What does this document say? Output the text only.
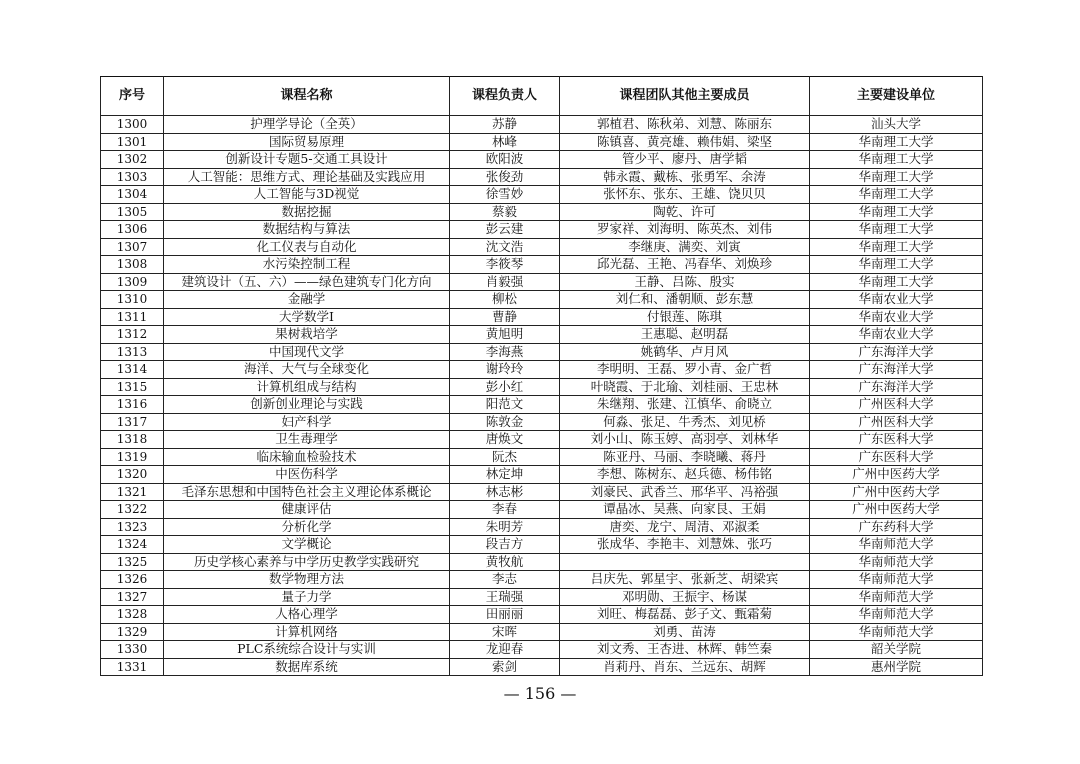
序号	课程名称	课程负责人	课程团队其他主要成员	主要建设单位
1300	护理学导论（全英）	苏静	郭植君、陈秋弟、刘慧、陈丽东	汕头大学
1301	国际贸易原理	林峰	陈镇喜、黄亮雄、赖伟娟、梁坚	华南理工大学
1302	创新设计专题5-交通工具设计	欧阳波	管少平、廖丹、唐学韬	华南理工大学
1303	人工智能：思维方式、理论基础及实践应用	张俊劲	韩永霞、戴栋、张勇军、余涛	华南理工大学
1304	人工智能与3D视觉	徐雪妙	张怀东、张东、王雄、饶贝贝	华南理工大学
1305	数据挖掘	蔡毅	陶乾、许可	华南理工大学
1306	数据结构与算法	彭云建	罗家祥、刘海明、陈英杰、刘伟	华南理工大学
1307	化工仪表与自动化	沈文浩	李继庚、满奕、刘寅	华南理工大学
1308	水污染控制工程	李筱琴	邱光磊、王艳、冯春华、刘焕珍	华南理工大学
1309	建筑设计（五、六）——绿色建筑专门化方向	肖毅强	王静、吕陈、殷实	华南理工大学
1310	金融学	柳松	刘仁和、潘朝顺、彭东慧	华南农业大学
1311	大学数学I	曹静	付银莲、陈琪	华南农业大学
1312	果树栽培学	黄旭明	王惠聪、赵明磊	华南农业大学
1313	中国现代文学	李海燕	姚鹤华、卢月风	广东海洋大学
1314	海洋、大气与全球变化	谢玲玲	李明明、王磊、罗小青、金广哲	广东海洋大学
1315	计算机组成与结构	彭小红	叶晓霞、于北瑜、刘桂丽、王忠林	广东海洋大学
1316	创新创业理论与实践	阳范文	朱继翔、张建、江慎华、俞晓立	广州医科大学
1317	妇产科学	陈敦金	何淼、张足、牛秀杰、刘见桥	广州医科大学
1318	卫生毒理学	唐焕文	刘小山、陈玉婷、高羽亭、刘林华	广东医科大学
1319	临床输血检验技术	阮杰	陈亚丹、马丽、李晓曦、蒋丹	广东医科大学
1320	中医伤科学	林定坤	李想、陈树东、赵兵德、杨伟铭	广州中医药大学
1321	毛泽东思想和中国特色社会主义理论体系概论	林志彬	刘豪民、武香兰、邢华平、冯裕强	广州中医药大学
1322	健康评估	李春	谭晶冰、吴燕、向家艮、王娟	广州中医药大学
1323	分析化学	朱明芳	唐奕、龙宁、周清、邓淑柔	广东药科大学
1324	文学概论	段吉方	张成华、李艳丰、刘慧姝、张巧	华南师范大学
1325	历史学核心素养与中学历史教学实践研究	黄牧航		华南师范大学
1326	数学物理方法	李志	吕庆先、郭星宇、张新芝、胡梁宾	华南师范大学
1327	量子力学	王瑞强	邓明勋、王振宇、杨谋	华南师范大学
1328	人格心理学	田丽丽	刘旺、梅磊磊、彭子文、甄霜菊	华南师范大学
1329	计算机网络	宋晖	刘勇、苗涛	华南师范大学
1330	PLC系统综合设计与实训	龙迎春	刘文秀、王杏进、林辉、韩竺秦	韶关学院
1331	数据库系统	索剑	肖莉丹、肖东、兰远东、胡辉	惠州学院
— 156 —
